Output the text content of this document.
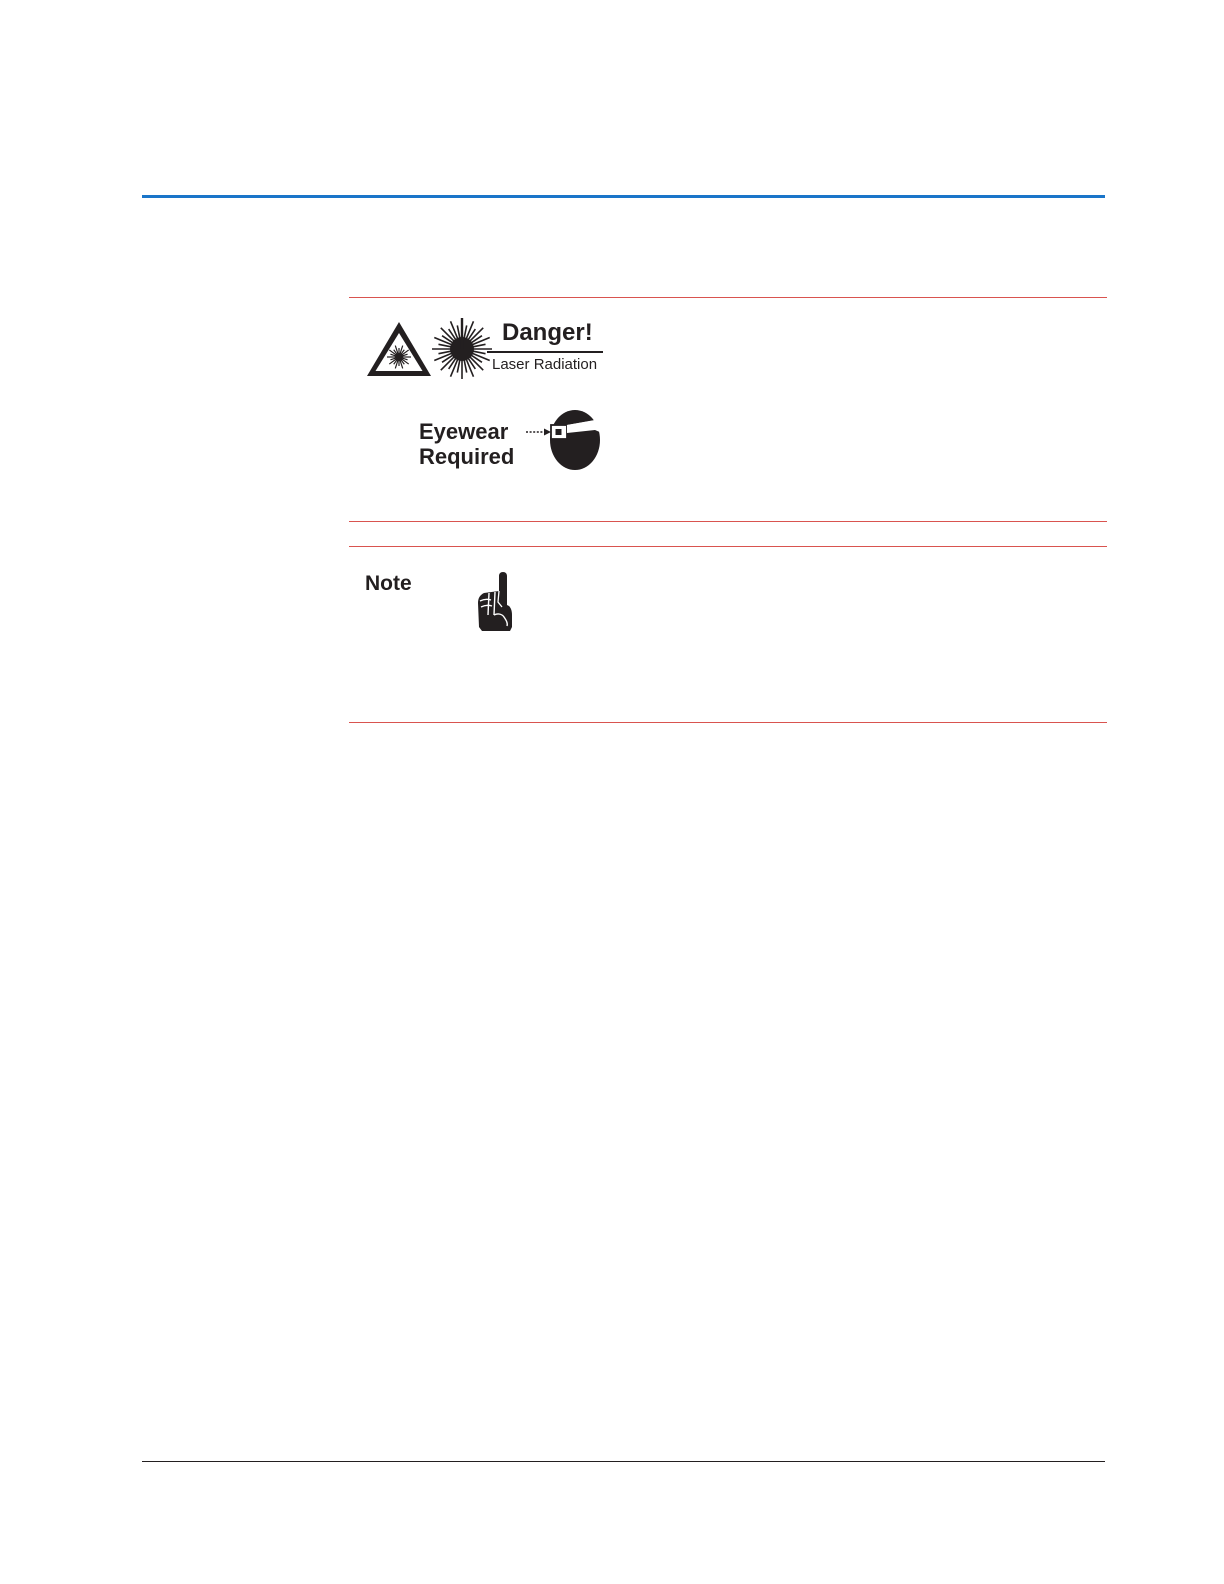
Danger!
Laser Radiation
Eyewear
Required
Note
